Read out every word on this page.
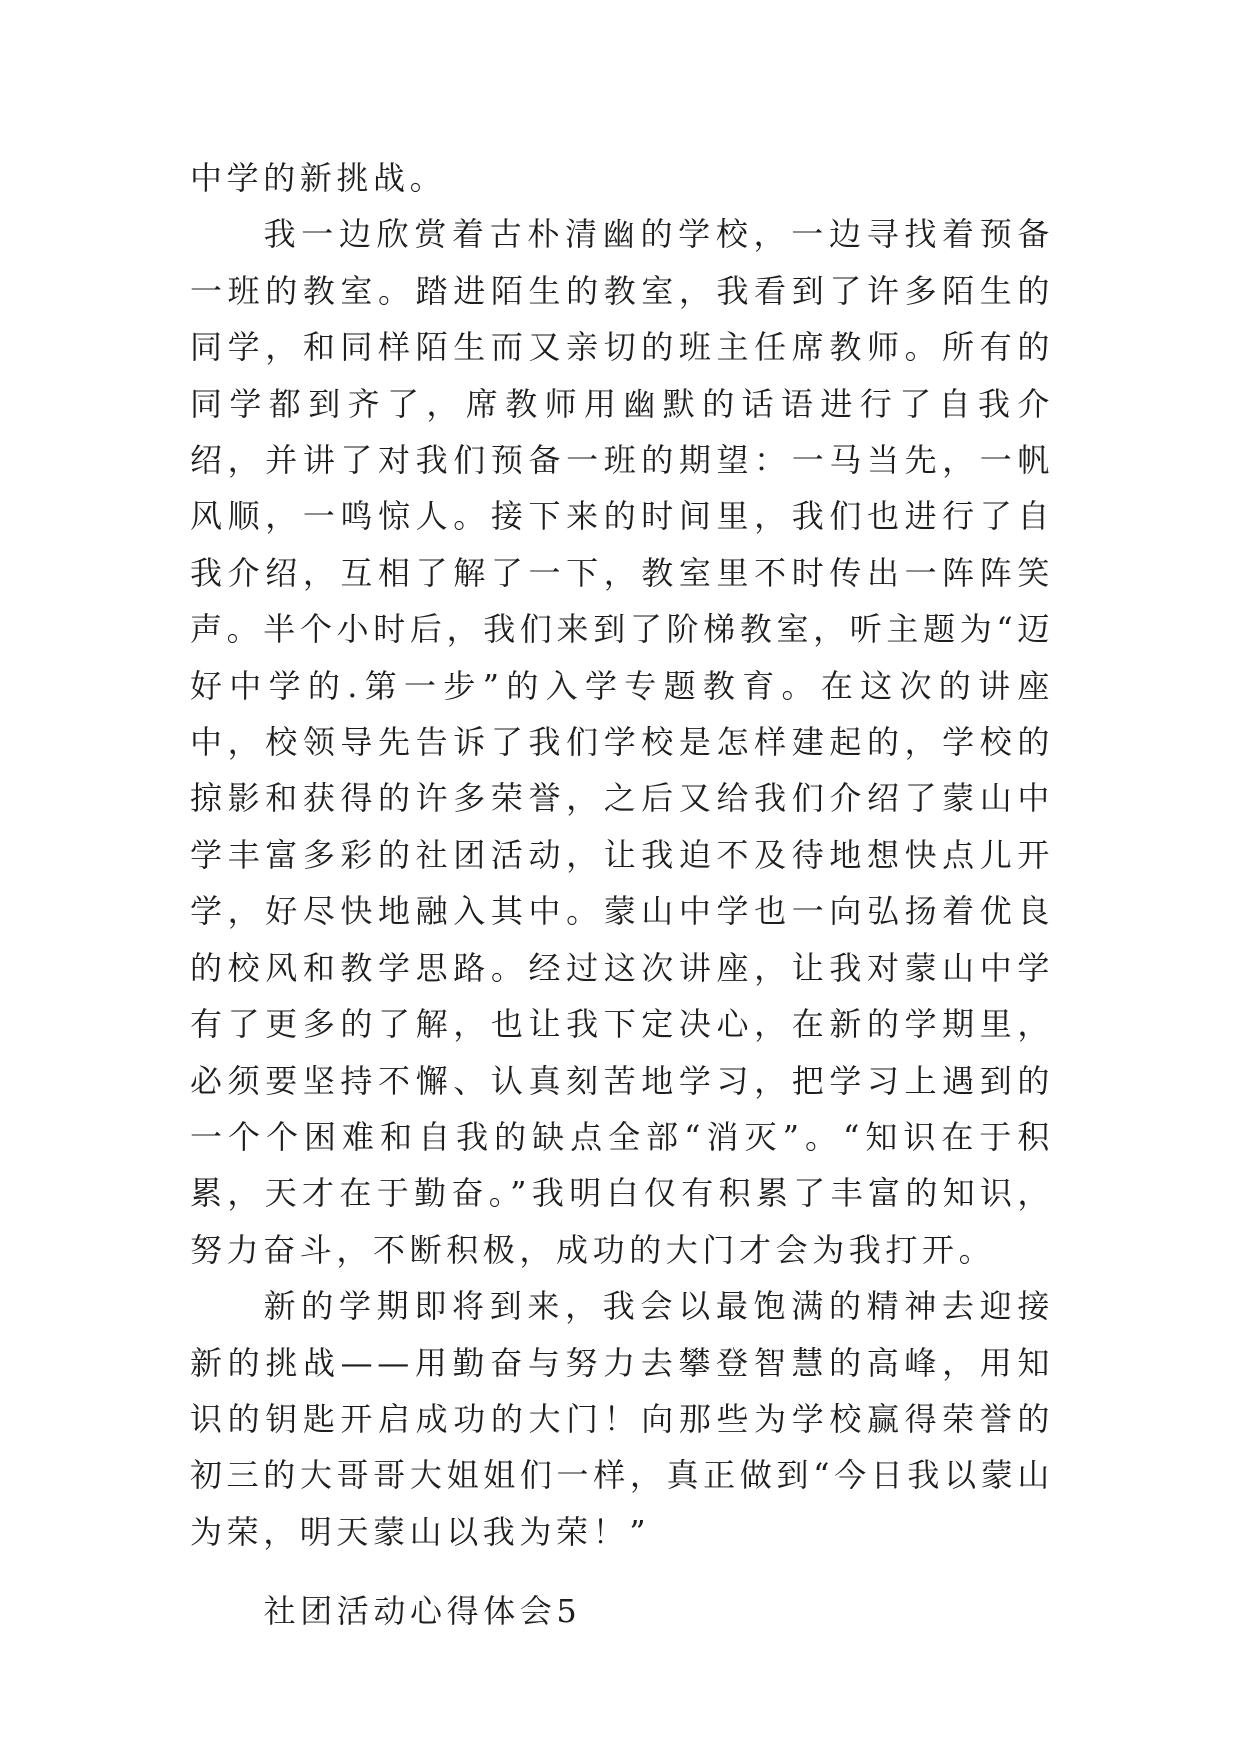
中学的新挑战。

我一边欣赏着古朴清幽的学校，一边寻找着预备一班的教室。踏进陌生的教室，我看到了许多陌生的同学，和同样陌生而又亲切的班主任席教师。所有的同学都到齐了，席教师用幽默的话语进行了自我介绍，并讲了对我们预备一班的期望：一马当先，一帆风顺，一鸣惊人。接下来的时间里，我们也进行了自我介绍，互相了解了一下，教室里不时传出一阵阵笑声。半个小时后，我们来到了阶梯教室，听主题为“迈好中学的.第一步”的入学专题教育。在这次的讲座中，校领导先告诉了我们学校是怎样建起的，学校的掠影和获得的许多荣誉，之后又给我们介绍了蒙山中学丰富多彩的社团活动，让我迫不及待地想快点儿开学，好尽快地融入其中。蒙山中学也一向弘扬着优良的校风和教学思路。经过这次讲座，让我对蒙山中学有了更多的了解，也让我下定决心，在新的学期里，必须要坚持不懈、认真刻苦地学习，把学习上遇到的一个个困难和自我的缺点全部“消灭”。“知识在于积累，天才在于勤奋。”我明白仅有积累了丰富的知识，努力奋斗，不断积极，成功的大门才会为我打开。

新的学期即将到来，我会以最饱满的精神去迎接新的挑战——用勤奋与努力去攀登智慧的高峰，用知识的钥匙开启成功的大门！向那些为学校赢得荣誉的初三的大哥哥大姐姐们一样，真正做到“今日我以蒙山为荣，明天蒙山以我为荣！”

社团活动心得体会5
